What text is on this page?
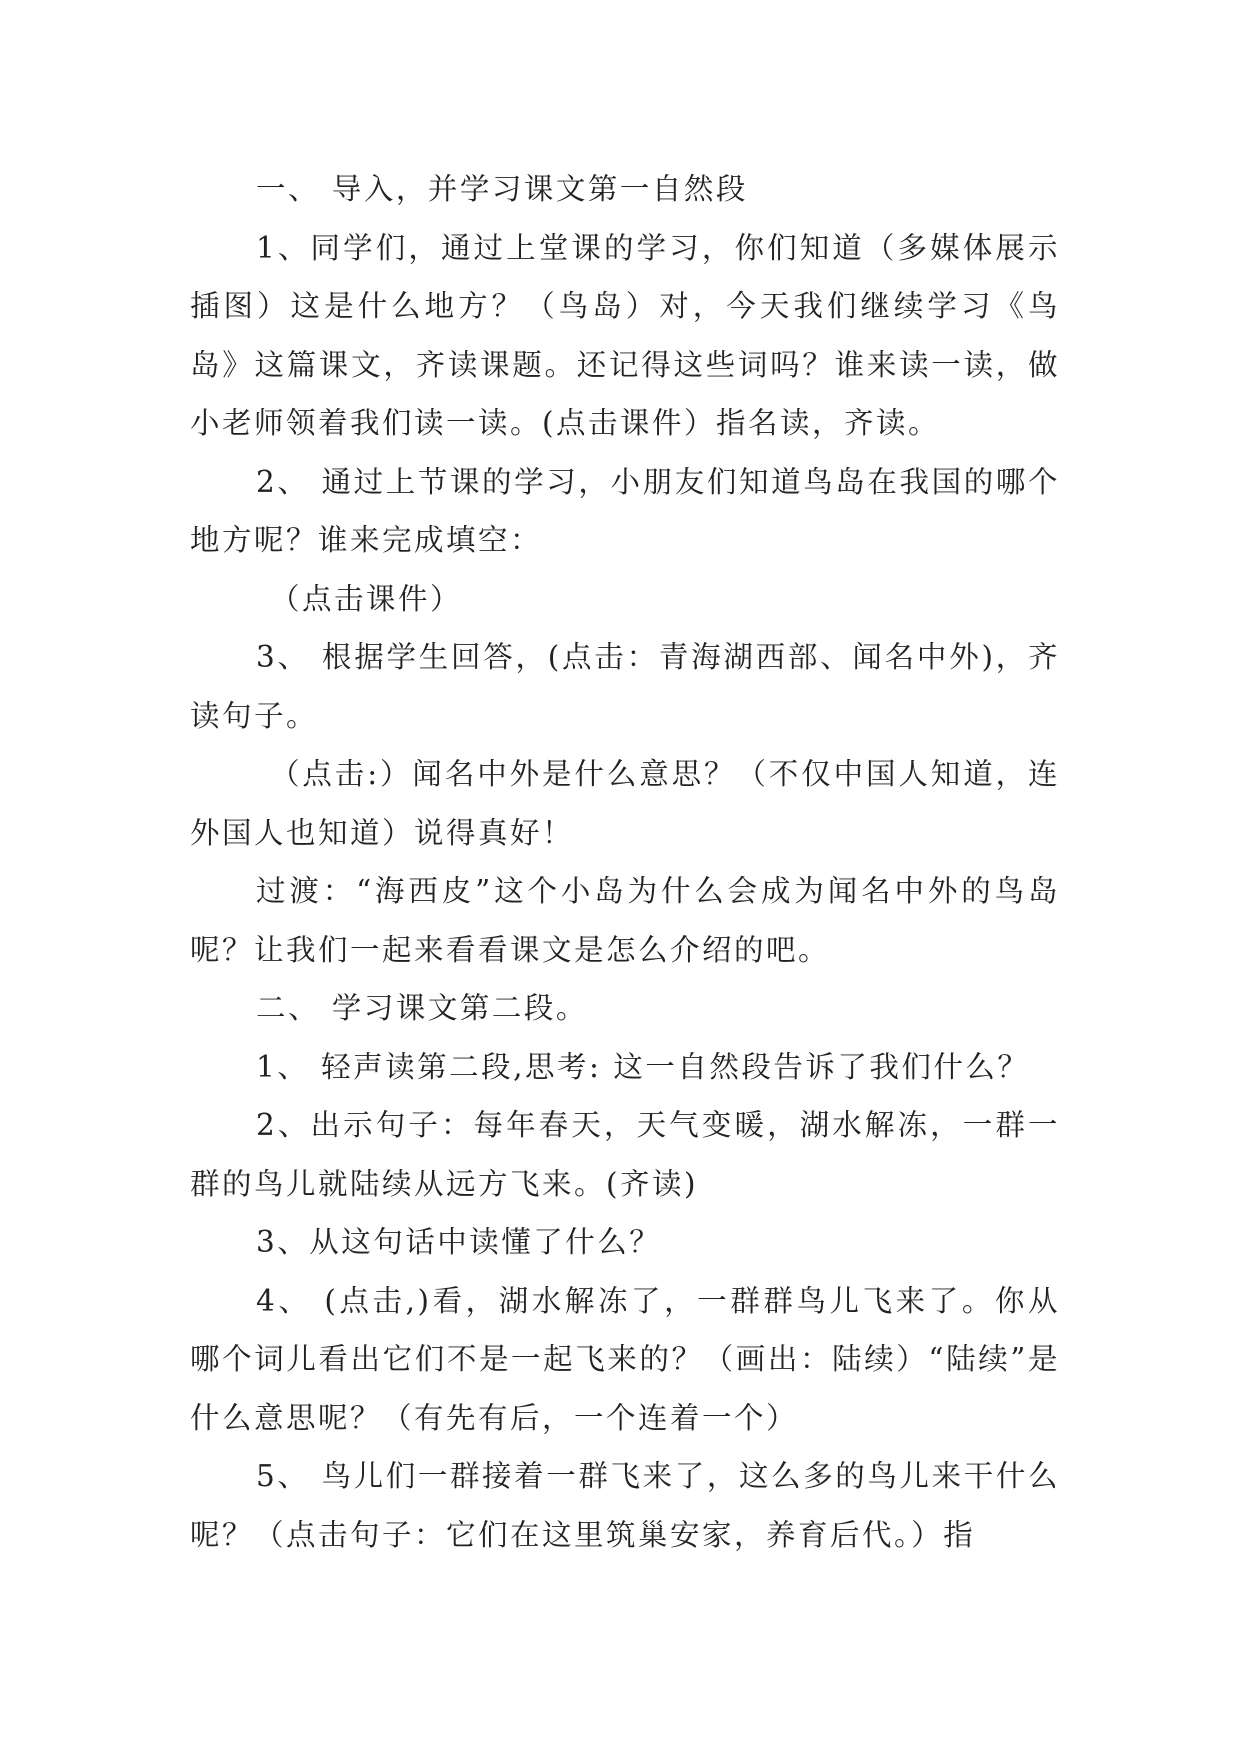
一、 导入，并学习课文第一自然段

1、同学们，通过上堂课的学习，你们知道（多媒体展示插图）这是什么地方？（鸟岛）对，今天我们继续学习《鸟岛》这篇课文，齐读课题。还记得这些词吗？谁来读一读，做小老师领着我们读一读。(点击课件）指名读，齐读。

2、 通过上节课的学习，小朋友们知道鸟岛在我国的哪个地方呢？谁来完成填空：

（点击课件）

3、 根据学生回答，(点击：青海湖西部、闻名中外)，齐读句子。

（点击:）闻名中外是什么意思？（不仅中国人知道，连外国人也知道）说得真好！

过渡：“海西皮”这个小岛为什么会成为闻名中外的鸟岛呢？让我们一起来看看课文是怎么介绍的吧。

二、 学习课文第二段。

1、 轻声读第二段,思考: 这一自然段告诉了我们什么？

2、出示句子：每年春天，天气变暖，湖水解冻，一群一群的鸟儿就陆续从远方飞来。(齐读)

3、从这句话中读懂了什么？

4、 (点击,)看，湖水解冻了，一群群鸟儿飞来了。你从哪个词儿看出它们不是一起飞来的？（画出：陆续）“陆续”是什么意思呢？（有先有后，一个连着一个）

5、 鸟儿们一群接着一群飞来了，这么多的鸟儿来干什么呢？（点击句子：它们在这里筑巢安家，养育后代。）指
